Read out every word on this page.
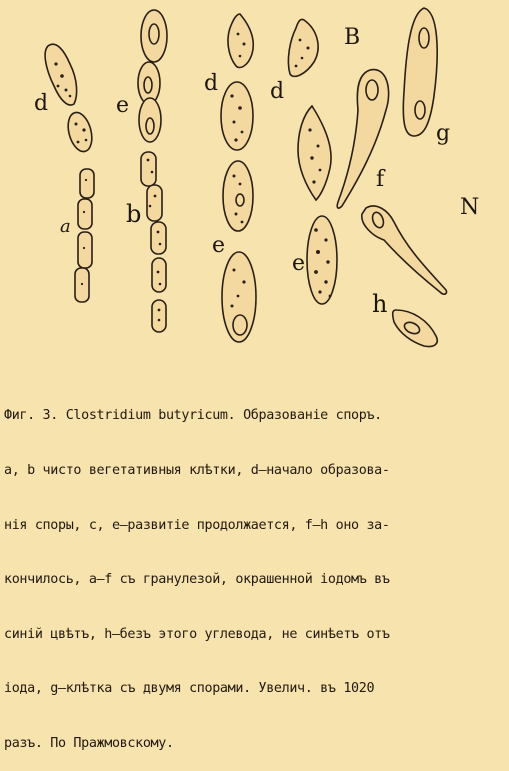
d
a
e
b
d
e
d
e
B
g
f
N
h

Фиг. 3. Clostridium butyricum. Образованіе споръ.

a, b чисто вегетативныя клѣтки, d—начало образова-

нія споры, c, e—развитіе продолжается, f—h оно за-

кончилось, a—f съ гранулезой, окрашенной іодомъ въ

синій цвѣтъ, h—безъ этого углевода, не синѣетъ отъ

іода, g—клѣтка съ двумя спорами. Увелич. въ 1020

разъ. По Пражмовскому.
